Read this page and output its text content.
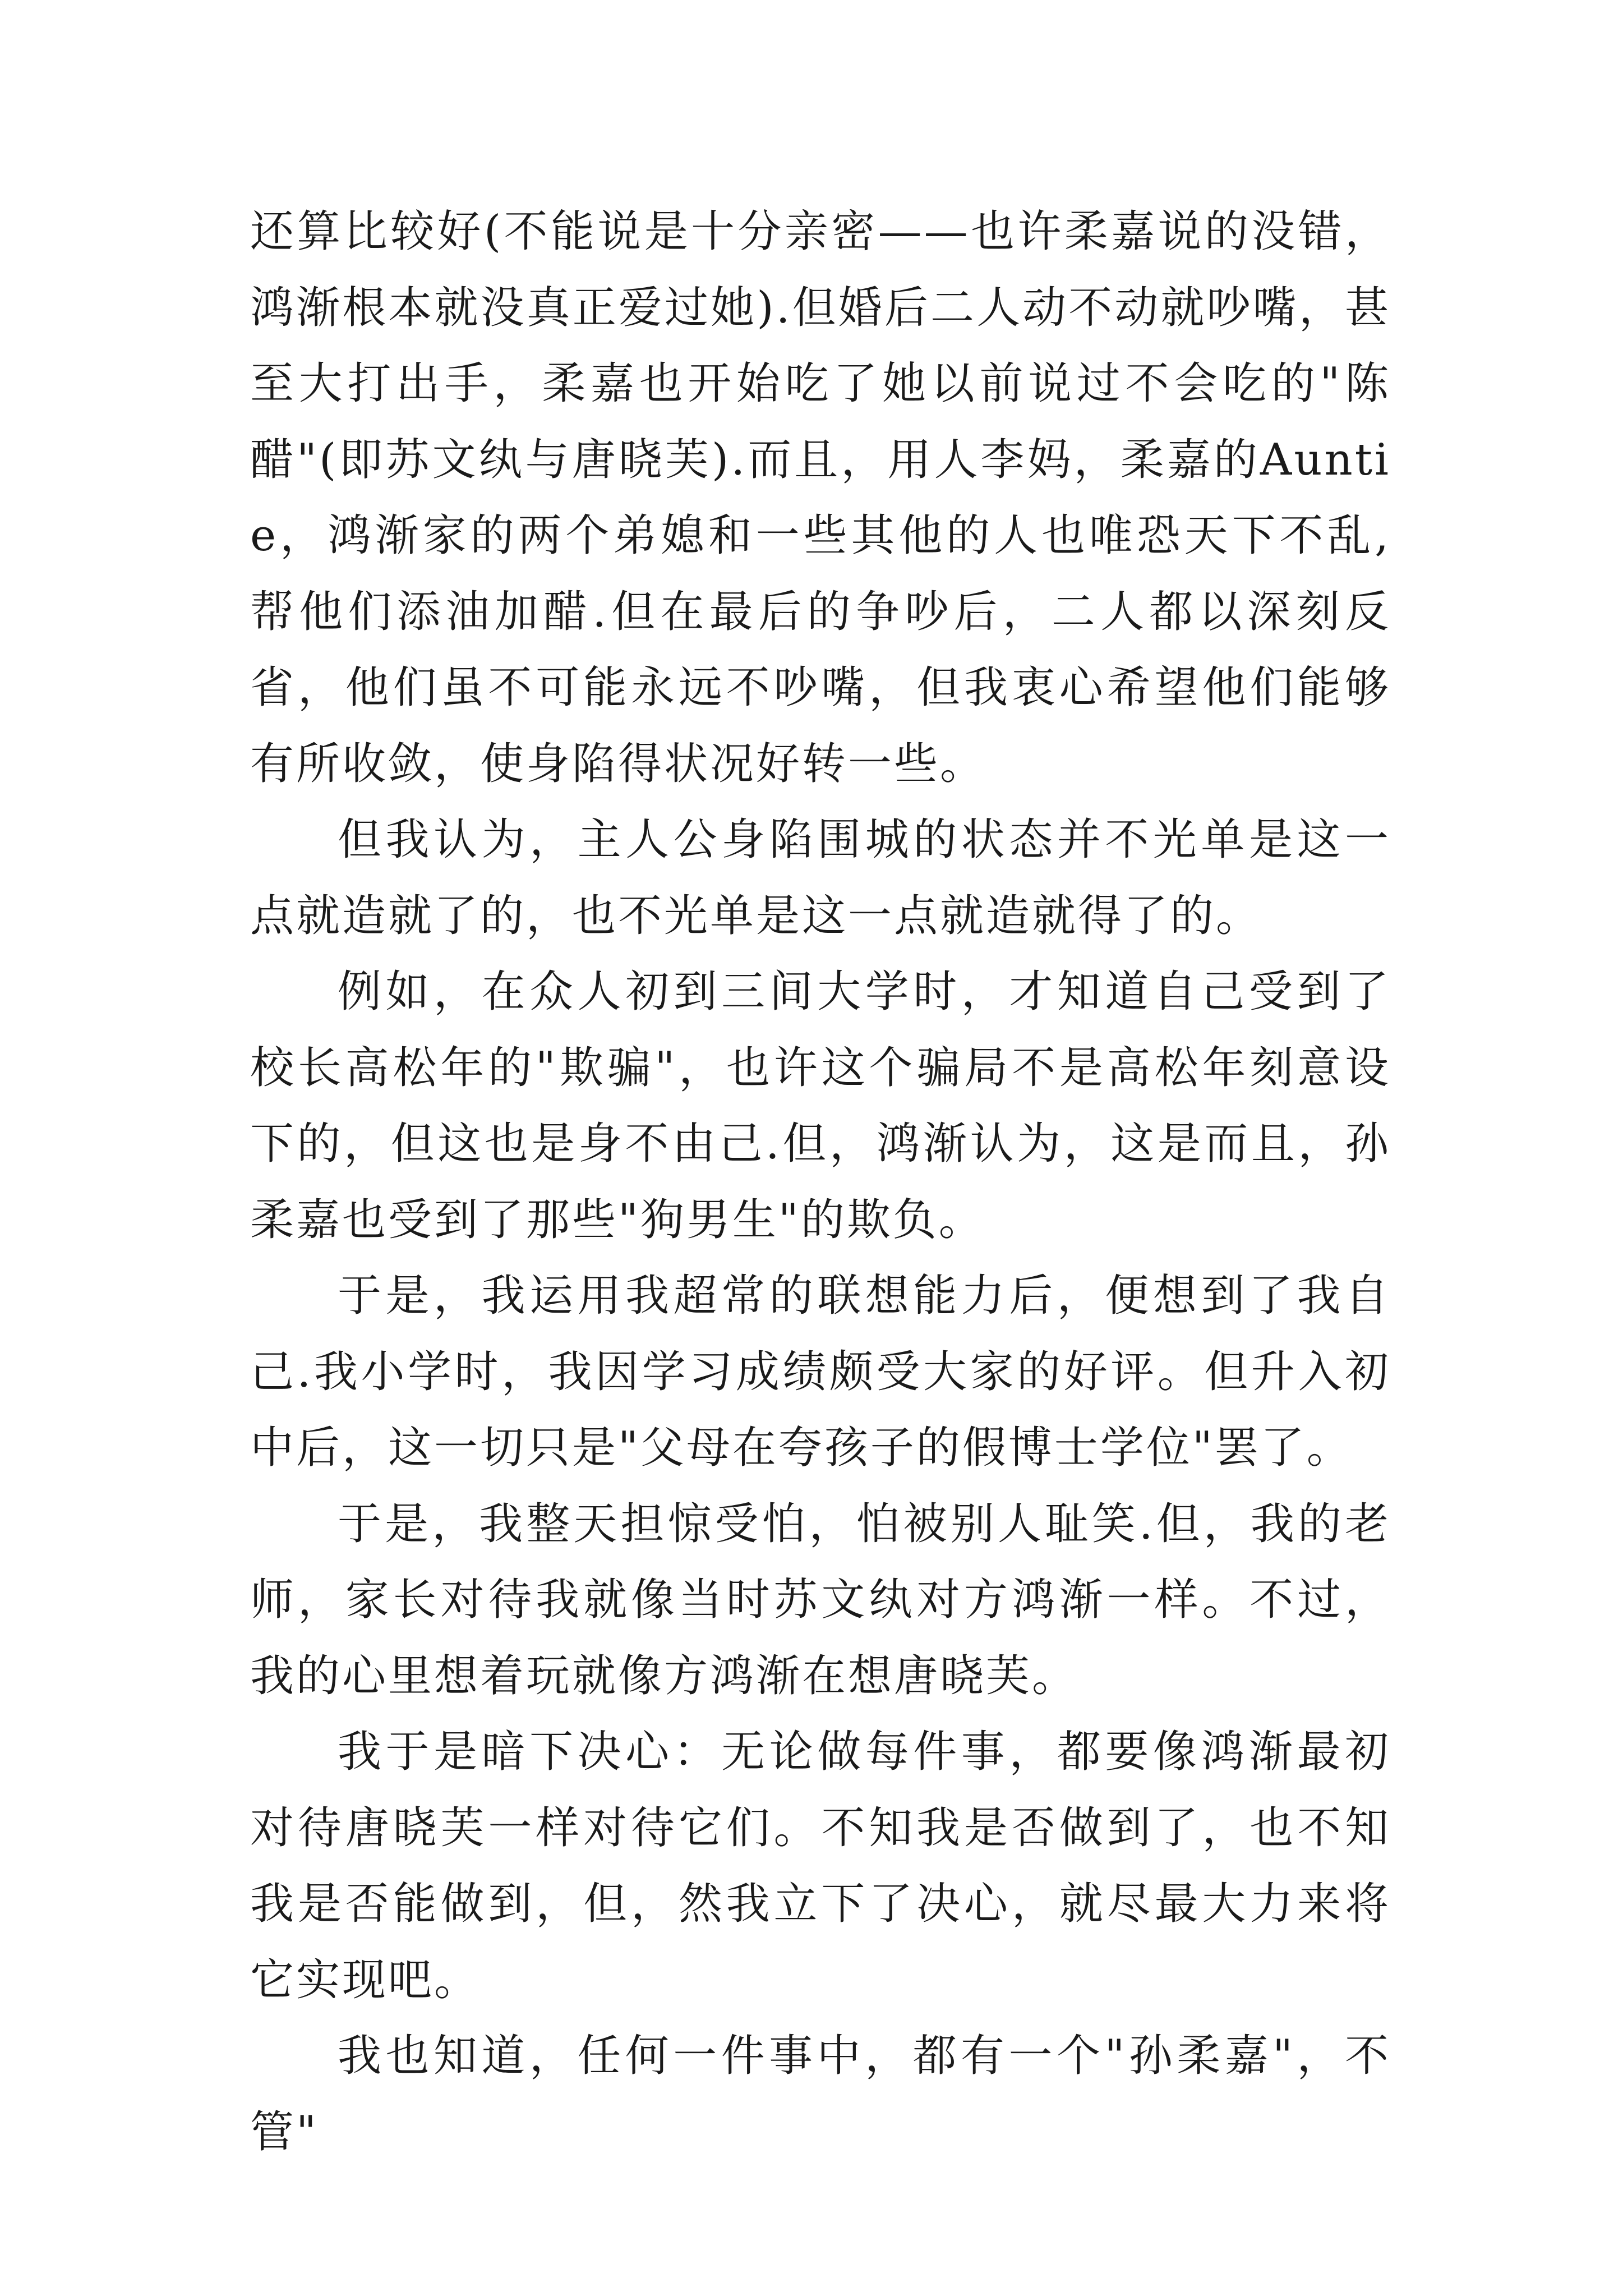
还算比较好(不能说是十分亲密——也许柔嘉说的没错，鸿渐根本就没真正爱过她).但婚后二人动不动就吵嘴，甚至大打出手，柔嘉也开始吃了她以前说过不会吃的"陈醋"(即苏文纨与唐晓芙).而且，用人李妈，柔嘉的Auntie，鸿渐家的两个弟媳和一些其他的人也唯恐天下不乱,帮他们添油加醋.但在最后的争吵后，二人都以深刻反省，他们虽不可能永远不吵嘴，但我衷心希望他们能够有所收敛，使身陷得状况好转一些。

但我认为，主人公身陷围城的状态并不光单是这一点就造就了的，也不光单是这一点就造就得了的。

例如，在众人初到三间大学时，才知道自己受到了校长高松年的"欺骗"，也许这个骗局不是高松年刻意设下的，但这也是身不由己.但，鸿渐认为，这是而且，孙柔嘉也受到了那些"狗男生"的欺负。

于是，我运用我超常的联想能力后，便想到了我自己.我小学时，我因学习成绩颇受大家的好评。但升入初中后，这一切只是"父母在夸孩子的假博士学位"罢了。

于是，我整天担惊受怕，怕被别人耻笑.但，我的老师，家长对待我就像当时苏文纨对方鸿渐一样。不过，我的心里想着玩就像方鸿渐在想唐晓芙。

我于是暗下决心：无论做每件事，都要像鸿渐最初对待唐晓芙一样对待它们。不知我是否做到了，也不知我是否能做到，但，然我立下了决心，就尽最大力来将它实现吧。

我也知道，任何一件事中，都有一个"孙柔嘉"，不管"
